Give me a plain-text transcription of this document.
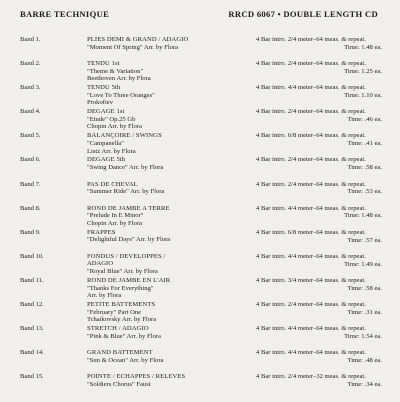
BARRE TECHNIQUE	RRCD 6067 • DOUBLE LENGTH CD
Band 1.	PLIES DEMI & GRAND / ADAGIO
"Moment Of Spring" Arr. by Flora
4 Bar intro. 2/4 meter–64 meas. & repeat.
Time: 1.48 ea.
Band 2.	TENDU 1st
"Theme & Variation"
Beethoven Arr. by Flora
4 Bar intro. 2/4 meter–64 meas. & repeat.
Time: 1.25 ea.
Band 3.	TENDU 5th
"Love To Three Oranges"
Prokofiev
4 Bar intro. 4/4 meter–64 meas. & repeat.
Time: 1.10 ea.
Band 4.	DEGAGE 1st
"Etude" Op.25 Gb
Chopin Arr. by Flora
4 Bar intro. 2/4 meter–64 meas. & repeat.
Time: .46 ea.
Band 5.	BALANÇOIRE / SWINGS
"Campanella"
Listz Arr. by Flora
4 Bar intro. 6/8 meter–64 meas. & repeat.
Time: .41 ea.
Band 6.	DEGAGE 5th
"Swing Dance" Arr. by Flora
4 Bar intro. 2/4 meter–64 meas. & repeat.
Time: .58 ea.
Band 7.	PAS DE CHEVAL
"Summer Ride" Arr. by Flora
4 Bar intro. 2/4 meter–64 meas. & repeat.
Time: .53 ea.
Band 8.	ROND DE JAMBE A TERRE
"Prelude In E Minor"
Chopin Arr. by Flora
4 Bar intro. 4/4 meter–64 meas. & repeat.
Time: 1.48 ea.
Band 9.	FRAPPES
"Delightful Days" Arr. by Flora
4 Bar intro. 6/8 meter–64 meas. & repeat.
Time: .57 ea.
Band 10.	FONDUS / DEVELOPPES /
ADAGIO
"Royal Blue" Arr. by Flora
4 Bar intro. 4/4 meter–64 meas. & repeat.
Time: 1.49 ea.
Band 11.	ROND DE JAMBE EN L'AIR
"Thanks For Everything"
Arr. by Flora
4 Bar intro. 3/4 meter–64 meas. & repeat.
Time: .58 ea.
Band 12.	PETITE BATTEMENTS
"February" Part One
Tchaikovsky Arr. by Flora
4 Bar intro. 2/4 meter–64 meas. & repeat.
Time: .31 ea.
Band 13.	STRETCH / ADAGIO
"Pink & Blue" Arr. by Flora
4 Bar intro. 4/4 meter–64 meas. & repeat.
Time: 1.54 ea.
Band 14.	GRAND BATTEMENT
"Sun & Ocean" Arr. by Flora
4 Bar intro. 4/4 meter–64 meas. & repeat.
Time: .48 ea.
Band 15.	POINTE / ECHAPPES / RELEVES
"Soldiers Chorus" Faust
4 Bar intro. 2/4 meter–32 meas. & repeat.
Time: .34 ea.
